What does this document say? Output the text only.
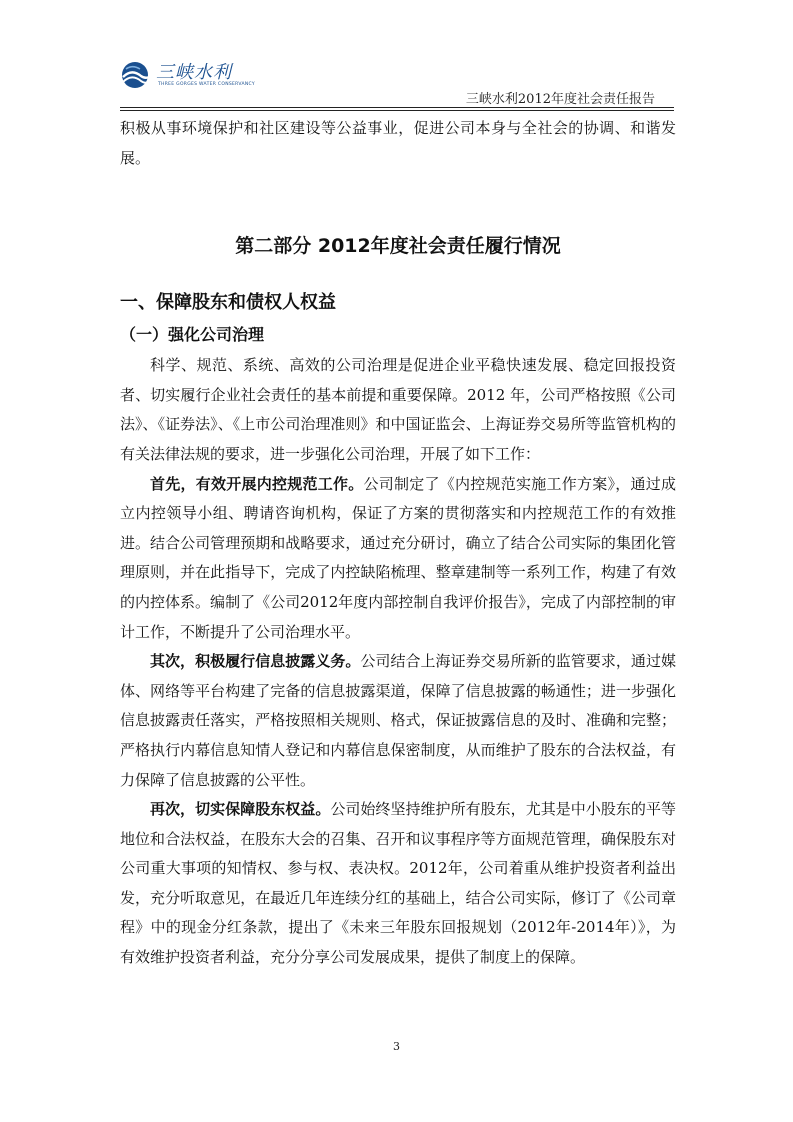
三峡水利
THREE GORGES WATER CONSERVANCY
三峡水利2012年度社会责任报告

积极从事环境保护和社区建设等公益事业，促进公司本身与全社会的协调、和谐发展。

第二部分 2012年度社会责任履行情况
一、保障股东和债权人权益
（一）强化公司治理

科学、规范、系统、高效的公司治理是促进企业平稳快速发展、稳定回报投资者、切实履行企业社会责任的基本前提和重要保障。2012 年，公司严格按照《公司法》、《证券法》、《上市公司治理准则》和中国证监会、上海证券交易所等监管机构的有关法律法规的要求，进一步强化公司治理，开展了如下工作：

首先，有效开展内控规范工作。公司制定了《内控规范实施工作方案》，通过成立内控领导小组、聘请咨询机构，保证了方案的贯彻落实和内控规范工作的有效推进。结合公司管理预期和战略要求，通过充分研讨，确立了结合公司实际的集团化管理原则，并在此指导下，完成了内控缺陷梳理、整章建制等一系列工作，构建了有效的内控体系。编制了《公司2012年度内部控制自我评价报告》，完成了内部控制的审计工作，不断提升了公司治理水平。

其次，积极履行信息披露义务。公司结合上海证券交易所新的监管要求，通过媒体、网络等平台构建了完备的信息披露渠道，保障了信息披露的畅通性；进一步强化信息披露责任落实，严格按照相关规则、格式，保证披露信息的及时、准确和完整；严格执行内幕信息知情人登记和内幕信息保密制度，从而维护了股东的合法权益，有力保障了信息披露的公平性。

再次，切实保障股东权益。公司始终坚持维护所有股东，尤其是中小股东的平等地位和合法权益，在股东大会的召集、召开和议事程序等方面规范管理，确保股东对公司重大事项的知情权、参与权、表决权。2012年，公司着重从维护投资者利益出发，充分听取意见，在最近几年连续分红的基础上，结合公司实际，修订了《公司章程》中的现金分红条款，提出了《未来三年股东回报规划（2012年-2014年）》，为有效维护投资者利益，充分分享公司发展成果，提供了制度上的保障。

3
